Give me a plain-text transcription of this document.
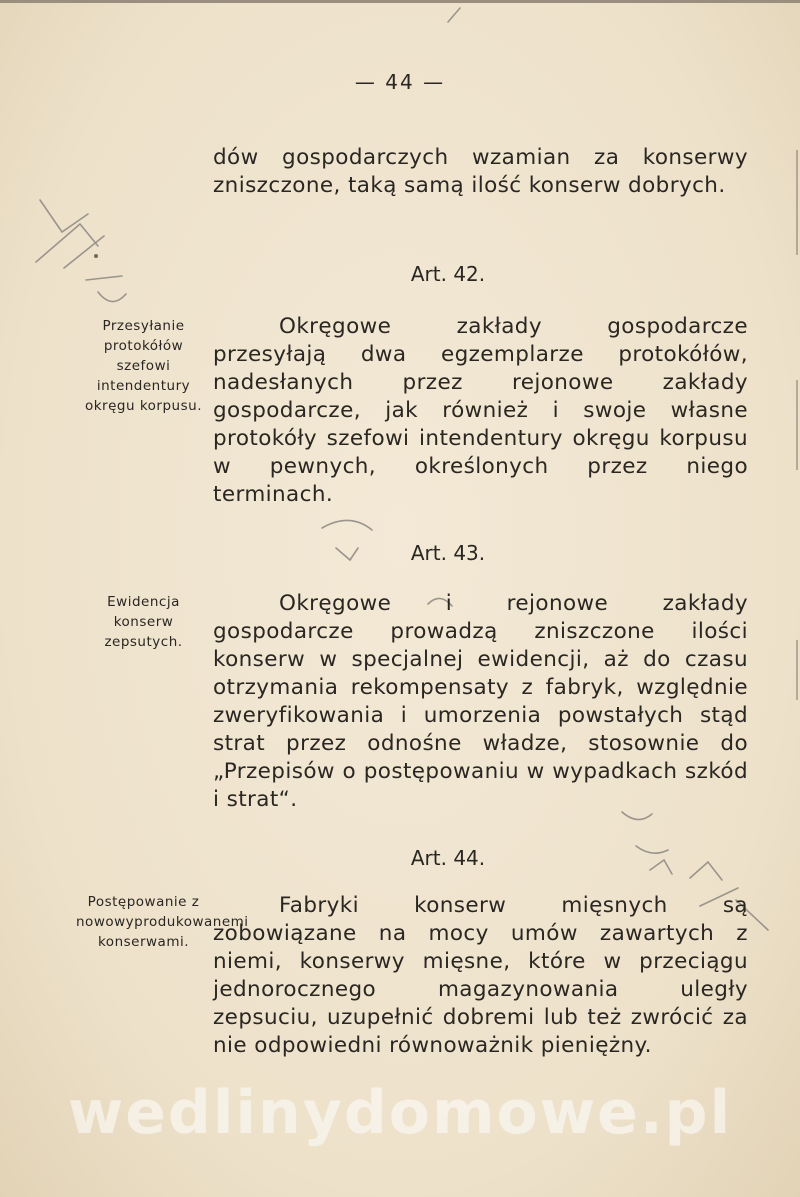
— 44 —

dów gospodarczych wzamian za konserwy zniszczone, taką samą ilość konserw dobrych.

Art. 42.
Przesyłanie protokółów szefowi intendentury okręgu korpusu.

Okręgowe zakłady gospodarcze przesyłają dwa egzemplarze protokółów, nadesłanych przez rejonowe zakłady gospodarcze, jak również i swoje własne protokóły szefowi intendentury okręgu korpusu w pewnych, określonych przez niego terminach.

Art. 43.
Ewidencja konserw zepsutych.

Okręgowe i rejonowe zakłady gospodarcze prowadzą zniszczone ilości konserw w specjalnej ewidencji, aż do czasu otrzymania rekompensaty z fabryk, względnie zweryfikowania i umorzenia powstałych stąd strat przez odnośne władze, stosownie do „Przepisów o postępowaniu w wypadkach szkód i strat“.

Art. 44.
Postępowanie z nowowyprodukowanemi konserwami.

Fabryki konserw mięsnych są zobowiązane na mocy umów zawartych z niemi, konserwy mięsne, które w przeciągu jednorocznego magazynowania uległy zepsuciu, uzupełnić dobremi lub też zwrócić za nie odpowiedni równoważnik pieniężny.

wedlinydomowe.pl
